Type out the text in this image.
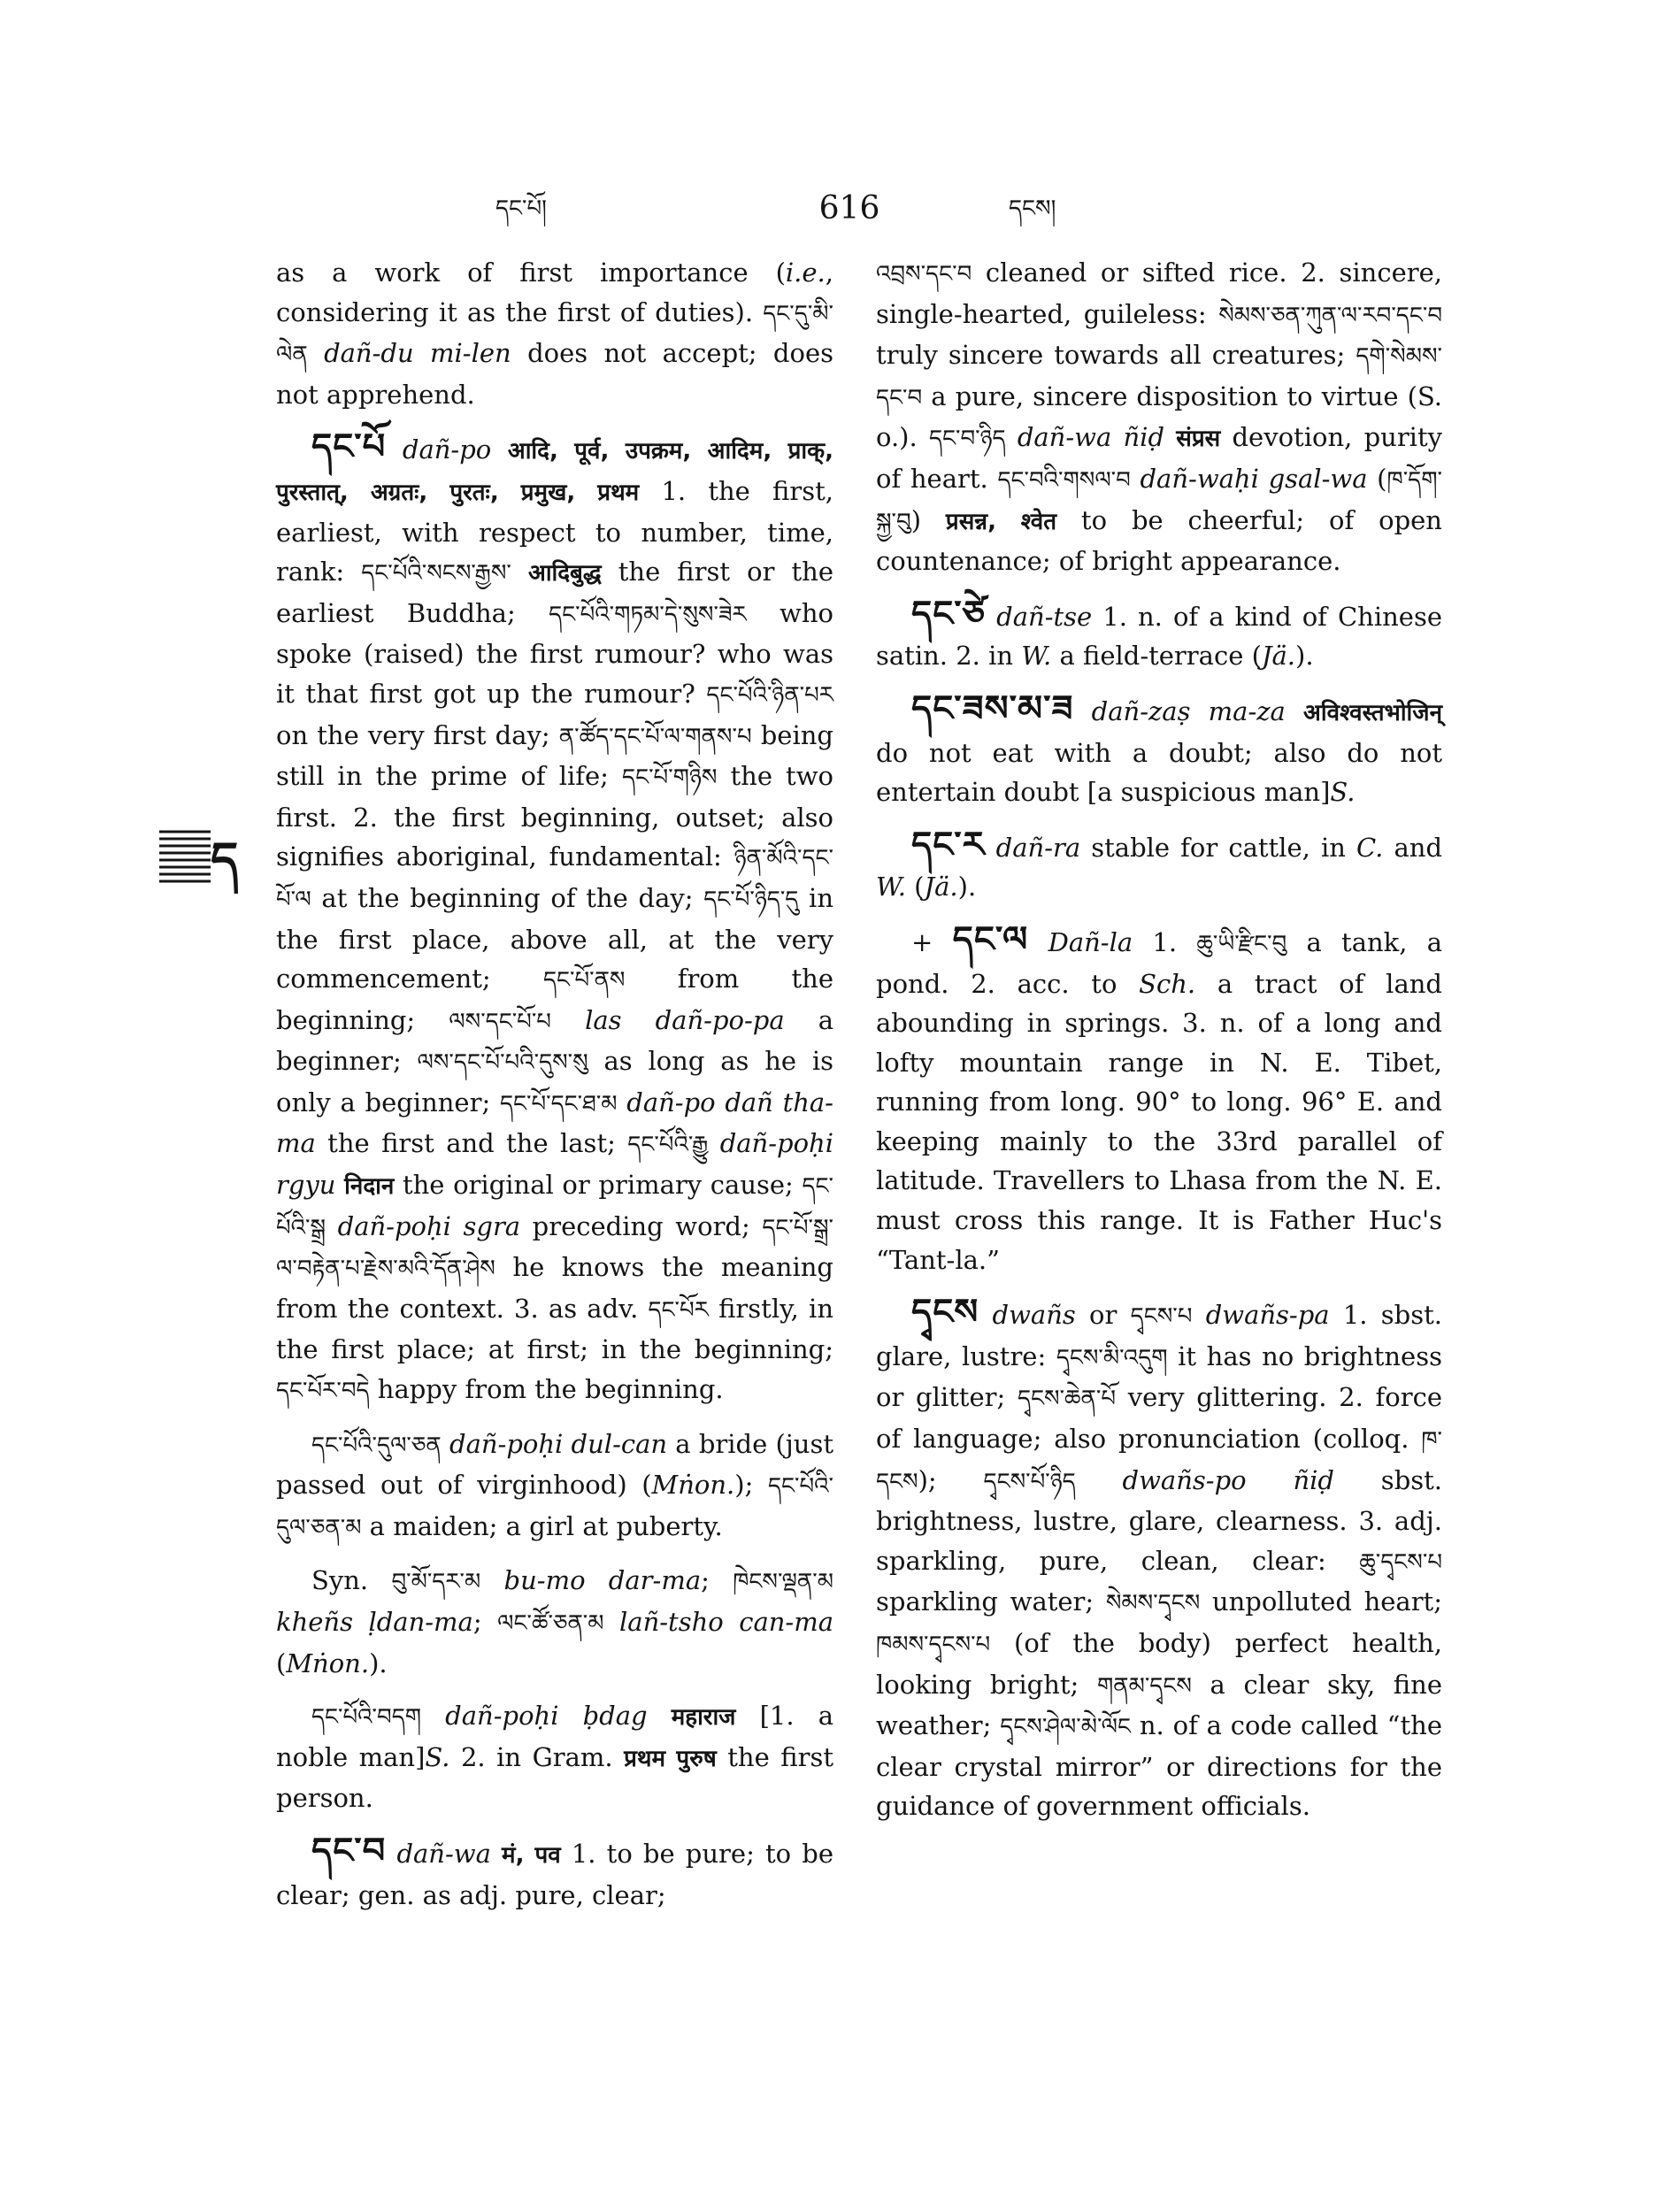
དང་པོ།	616	དངས།
ད

as a work of first importance (i.e., considering it as the first of duties). དང་དུ་མི་ལེན dañ-du mi-len does not accept; does not apprehend.

དང་པོ dañ-po आदि, पूर्व, उपक्रम, आदिम, प्राक्, पुरस्तात्, अग्रतः, पुरतः, प्रमुख, प्रथम 1. the first, earliest, with respect to number, time, rank: དང་པོའི་སངས་རྒྱས་ आदिबुद्ध the first or the earliest Buddha; དང་པོའི་གཏམ་དེ་སུས་ཟེར who spoke (raised) the first rumour? who was it that first got up the rumour? དང་པོའི་ཉིན་པར on the very first day; ན་ཚོད་དང་པོ་ལ་གནས་པ being still in the prime of life; དང་པོ་གཉིས the two first. 2. the first beginning, outset; also signifies aboriginal, fundamental: ཉིན་མོའི་དང་པོ་ལ at the beginning of the day; དང་པོ་ཉིད་དུ in the first place, above all, at the very commencement; དང་པོ་ནས from the beginning; ལས་དང་པོ་པ las dañ-po-pa a beginner; ལས་དང་པོ་པའི་དུས་སུ as long as he is only a beginner; དང་པོ་དང་ཐ་མ dañ-po dañ tha-ma the first and the last; དང་པོའི་རྒྱུ dañ-poḥi rgyu निदान the original or primary cause; དང་པོའི་སྒྲ dañ-poḥi sgra preceding word; དང་པོ་སྒྲ་ལ་བརྟེན་པ་རྗེས་མའི་དོན་ཤེས he knows the meaning from the context. 3. as adv. དང་པོར firstly, in the first place; at first; in the beginning; དང་པོར་བདེ happy from the beginning.

དང་པོའི་དུལ་ཅན dañ-poḥi dul-can a bride (just passed out of virginhood) (Mṅon.); དང་པོའི་དུལ་ཅན་མ a maiden; a girl at puberty.

Syn. བུ་མོ་དར་མ bu-mo dar-ma; ཁེངས་ལྡན་མ kheñs ḷdan-ma; ལང་ཚོ་ཅན་མ lañ-tsho can-ma (Mṅon.).

དང་པོའི་བདག dañ-poḥi ḅdag महाराज [1. a noble man]S. 2. in Gram. प्रथम पुरुष the first person.

དང་བ dañ-wa मं, पव 1. to be pure; to be clear; gen. as adj. pure, clear;

འབྲས་དང་བ cleaned or sifted rice. 2. sincere, single-hearted, guileless: སེམས་ཅན་ཀུན་ལ་རབ་དང་བ truly sincere towards all creatures; དགེ་སེམས་དང་བ a pure, sincere disposition to virtue (S. o.). དང་བ་ཉིད dañ-wa ñiḍ संप्रस devotion, purity of heart. དང་བའི་གསལ་བ dañ-waḥi gsal-wa (ཁ་དོག་སྐྱ་བུ) प्रसन्न, श्वेत to be cheerful; of open countenance; of bright appearance.

དང་ཙེ dañ-tse 1. n. of a kind of Chinese satin. 2. in W. a field-terrace (Jä.).

དང་ཟས་མ་ཟ dañ-zaṣ ma-za अविश्वस्तभोजिन् do not eat with a doubt; also do not entertain doubt [a suspicious man]S.

དང་ར dañ-ra stable for cattle, in C. and W. (Jä.).

+ དང་ལ Dañ-la 1. ཆུ་ཡི་རྫིང་བུ a tank, a pond. 2. acc. to Sch. a tract of land abounding in springs. 3. n. of a long and lofty mountain range in N. E. Tibet, running from long. 90° to long. 96° E. and keeping mainly to the 33rd parallel of latitude. Travellers to Lhasa from the N. E. must cross this range. It is Father Huc's “Tant-la.”

དྭངས dwañs or དྭངས་པ dwañs-pa 1. sbst. glare, lustre: དྭངས་མི་འདུག it has no brightness or glitter; དྭངས་ཆེན་པོ very glittering. 2. force of language; also pronunciation (colloq. ཁ་དངས); དྭངས་པོ་ཉིད dwañs-po ñiḍ sbst. brightness, lustre, glare, clearness. 3. adj. sparkling, pure, clean, clear: ཆུ་དྭངས་པ sparkling water; སེམས་དྭངས unpolluted heart; ཁམས་དྭངས་པ (of the body) perfect health, looking bright; གནམ་དྭངས a clear sky, fine weather; དྭངས་ཤེལ་མེ་ལོང n. of a code called “the clear crystal mirror” or directions for the guidance of government officials.
